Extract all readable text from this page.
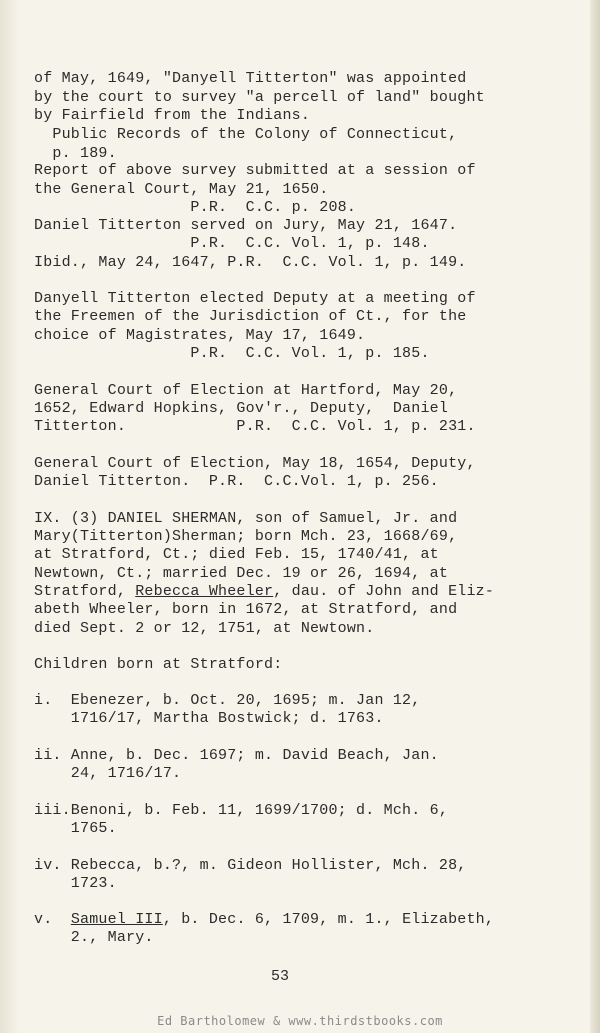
of May, 1649, "Danyell Titterton" was appointed
by the court to survey "a percell of land" bought
by Fairfield from the Indians.
Public Records of the Colony of Connecticut,
p. 189.
Report of above survey submitted at a session of
the General Court, May 21, 1650.
P.R.  C.C. p. 208.
Daniel Titterton served on Jury, May 21, 1647.
P.R.  C.C. Vol. 1, p. 148.
Ibid., May 24, 1647, P.R.  C.C. Vol. 1, p. 149.
Danyell Titterton elected Deputy at a meeting of
the Freemen of the Jurisdiction of Ct., for the
choice of Magistrates, May 17, 1649.
P.R.  C.C. Vol. 1, p. 185.
General Court of Election at Hartford, May 20,
1652, Edward Hopkins, Gov'r., Deputy,  Daniel
Titterton.            P.R.  C.C. Vol. 1, p. 231.
General Court of Election, May 18, 1654, Deputy,
Daniel Titterton.  P.R.  C.C.Vol. 1, p. 256.
IX. (3) DANIEL SHERMAN, son of Samuel, Jr. and
Mary(Titterton)Sherman; born Mch. 23, 1668/69,
at Stratford, Ct.; died Feb. 15, 1740/41, at
Newtown, Ct.; married Dec. 19 or 26, 1694, at
Stratford, Rebecca Wheeler, dau. of John and Eliz-
abeth Wheeler, born in 1672, at Stratford, and
died Sept. 2 or 12, 1751, at Newtown.
Children born at Stratford:
i.  Ebenezer, b. Oct. 20, 1695; m. Jan 12,
1716/17, Martha Bostwick; d. 1763.
ii. Anne, b. Dec. 1697; m. David Beach, Jan.
24, 1716/17.
iii.Benoni, b. Feb. 11, 1699/1700; d. Mch. 6,
1765.
iv. Rebecca, b.?, m. Gideon Hollister, Mch. 28,
1723.
v.  Samuel III, b. Dec. 6, 1709, m. 1., Elizabeth,
2., Mary.
53
Ed Bartholomew & www.thirdstbooks.com
